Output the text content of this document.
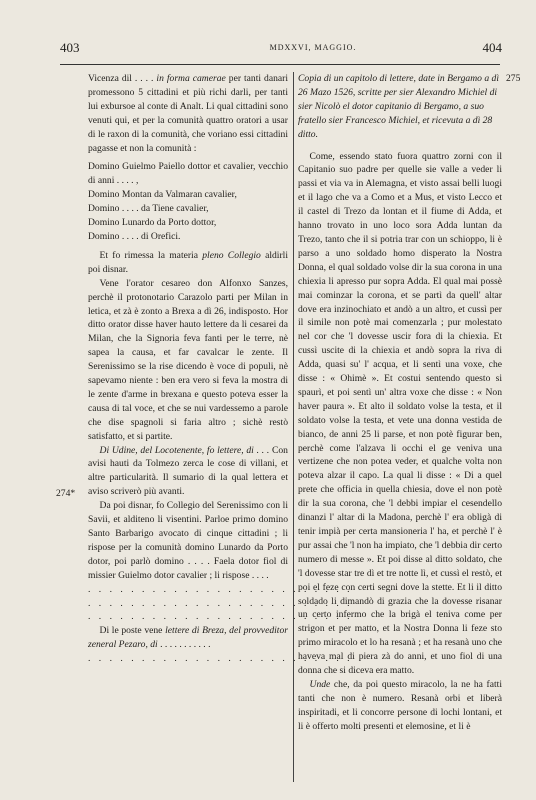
403	MDXXVI, MAGGIO.	404
274*
275

Vicenza dil . . . . in forma camerae per tanti danari promessono 5 cittadini et più richi darli, per tanti lui exbursoe al conte di Analt. Li qual cittadini sono venuti qui, et per la comunità quattro oratori a usar di le raxon di la comunità, che voriano essi cittadini pagasse et non la comunità :

Domino Guielmo Paiello dottor et cavalier, vecchio di anni . . . . ,
Domino Montan da Valmaran cavalier,
Domino . . . . da Tiene cavalier,
Domino Lunardo da Porto dottor,
Domino . . . . di Orefici.

Et fo rimessa la materia pleno Collegio aldirli poi disnar.

Vene l'orator cesareo don Alfonxo Sanzes, perchè il protonotario Carazolo parti per Milan in letica, et zà è zonto a Brexa a dì 26, indisposto. Hor ditto orator disse haver hauto lettere da li cesarei da Milan, che la Signoria feva fanti per le terre, nè sapea la causa, et far cavalcar le zente. Il Serenissimo se la rise dicendo è voce di populi, nè sapevamo niente : ben era vero si feva la mostra di le zente d'arme in brexana e questo poteva esser la causa di tal voce, et che se nui vardessemo a parole che dise spagnoli si faria altro ; sichè restò satisfatto, et si partite.

Di Udine, del Locotenente, fo lettere, di . . . Con avisi hauti da Tolmezo zerca le cose di villani, et altre particularità. Il sumario di la qual lettera et aviso scriverò più avanti.

Da poi disnar, fo Collegio del Serenissimo con li Savii, et alditeno li visentini. Parloe primo domino Santo Barbarigo avocato di cinque cittadini ; li rispose per la comunità domino Lunardo da Porto dotor, poi parlò domino . . . . Faela dotor fiol di missier Guielmo dotor cavalier ; li rispose . . . .

. . . . . . . . . . . . . . . . . . . . . . . . .

. . . . . . . . . . . . . . . . . . . . . . . . .

. . . . . . . . . . . . . . . . . . . . . . . . .

Di le poste vene lettere di Breza, del provveditor zeneral Pezaro, di . . . . . . . . . . .

. . . . . . . . . . . . . . . . . . . . . . . . .

Copia di un capitolo di lettere, date in Bergamo a dì 26 Mazo 1526, scritte per sier Alexandro Michiel di sier Nicolò el dotor capitanio di Bergamo, a suo fratello sier Francesco Michiel, et ricevuta a dì 28 ditto.

Come, essendo stato fuora quattro zorni con il Capitanio suo padre per quelle sie valle a veder li passi et via va in Alemagna, et visto assai belli luogi et il lago che va a Como et a Mus, et visto Lecco et il castel di Trezo da lontan et il fiume di Adda, et hanno trovato in uno loco sora Adda luntan da Trezo, tanto che il si potria trar con un schioppo, li è parso a uno soldado homo disperato la Nostra Donna, el qual soldado volse dir la sua corona in una chiexia li apresso pur sopra Adda. El qual mai possè mai cominzar la corona, et se partì da quell' altar dove era inzinochiato et andò a un altro, et cussì per il simile non potè mai comenzarla ; pur molestato nel cor che 'l dovesse uscir fora di la chiexia. Et cussì uscite di la chiexia et andò sopra la riva di Adda, quasi su' l' acqua, et li sentì una voxe, che disse : « Ohimè ». Et costui sentendo questo si spaurì, et poi sentì un' altra voxe che disse : « Non haver paura ». Et alto il soldato volse la testa, et il soldato volse la testa, et vete una donna vestida de bianco, de anni 25 li parse, et non potè figurar ben, perchè come l'alzava li occhi el ge veniva una vertizene che non potea veder, et qualche volta non poteva alzar il capo. La qual li disse : « Di a quel prete che officia in quella chiesia, dove el non potè dir la sua corona, che 'l debbi impiar el cesendello dinanzi l' altar di la Madona, perchè l' era obligà di tenir impià per certa mansioneria l' ha, et perchè l' è pur assai che 'l non ha impiato, che 'l debbia dir certo numero di messe ». Et poi disse al ditto soldato, che 'l dovesse star tre dì et tre notte lì, et cussì el restò, et poi el feze con certi segni dove la stette. Et li il ditto soldado li dimandò di grazia che la dovesse risanar un certo infermo che la brigà el teniva come per strigon et per matto, et la Nostra Donna li feze sto primo miracolo et lo ha resanà ; et ha resanà uno che haveva mal di piera zà do anni, et uno fiol di una donna che si diceva era matto.

Unde che, da poi questo miracolo, la ne ha fatti tanti che non è numero. Resanà orbi et liberà inspiritadi, et li concorre persone di lochi lontani, et li è offerto molti presenti et elemosine, et li è
